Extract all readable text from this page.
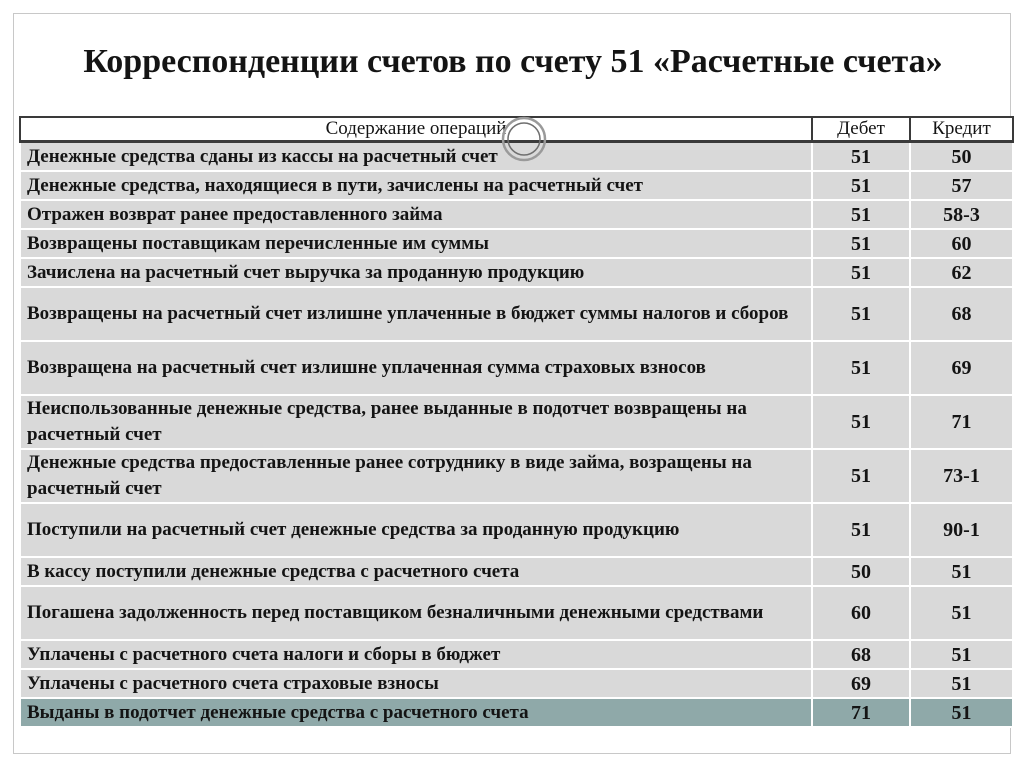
Корреспонденции счетов по счету 51 «Расчетные счета»
Содержание операций	Дебет	Кредит
Денежные средства сданы из кассы на расчетный счет	51	50
Денежные средства, находящиеся в пути, зачислены на расчетный счет	51	57
Отражен возврат ранее предоставленного займа	51	58-3
Возвращены поставщикам перечисленные им суммы	51	60
Зачислена на расчетный счет выручка за проданную продукцию	51	62
Возвращены на расчетный счет излишне уплаченные в бюджет суммы налогов и сборов	51	68
Возвращена на расчетный счет излишне уплаченная сумма страховых взносов	51	69
Неиспользованные денежные средства, ранее выданные в подотчет возвращены на расчетный счет	51	71
Денежные средства предоставленные ранее сотруднику в виде займа, возращены на расчетный счет	51	73-1
Поступили на расчетный счет денежные средства за проданную продукцию	51	90-1
В кассу поступили денежные средства с расчетного счета	50	51
Погашена задолженность перед поставщиком безналичными денежными средствами	60	51
Уплачены с расчетного счета налоги и сборы в бюджет	68	51
Уплачены с расчетного счета страховые взносы	69	51
Выданы в подотчет денежные средства с расчетного счета	71	51
